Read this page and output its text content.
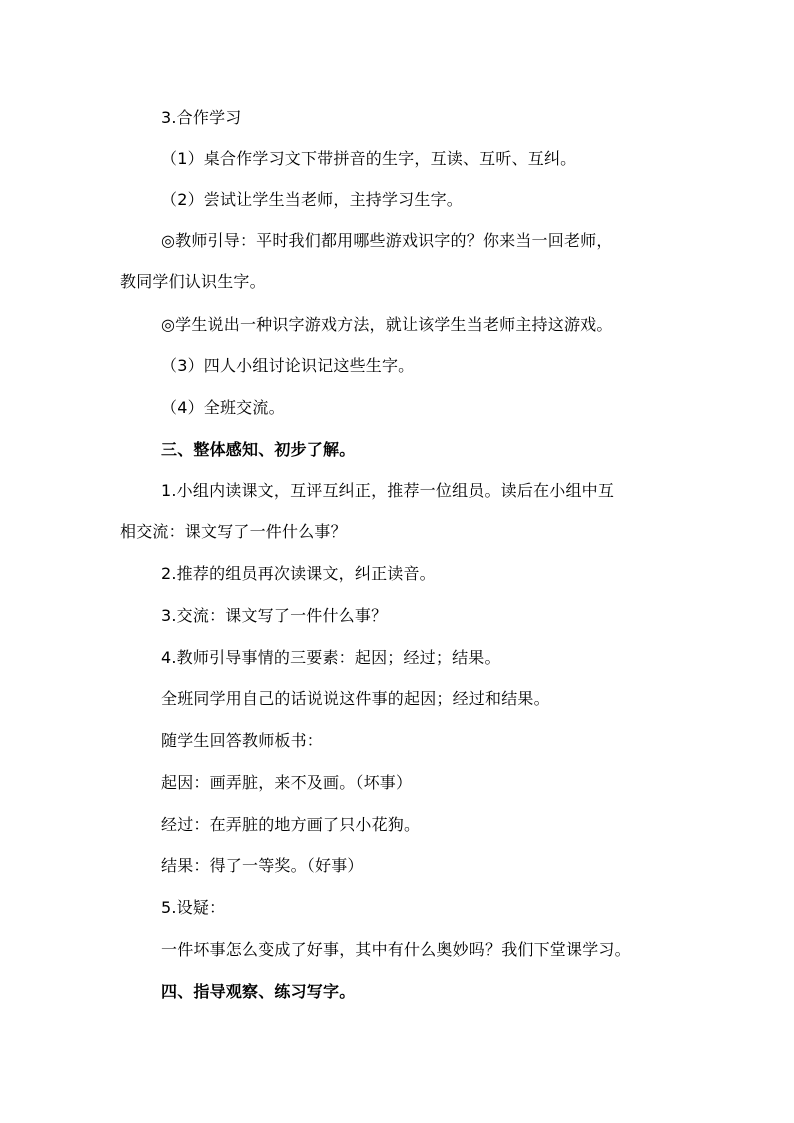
3.合作学习
（1）桌合作学习文下带拼音的生字，互读、互听、互纠。
（2）尝试让学生当老师，主持学习生字。
◎教师引导：平时我们都用哪些游戏识字的？你来当一回老师，
教同学们认识生字。
◎学生说出一种识字游戏方法，就让该学生当老师主持这游戏。
（3）四人小组讨论识记这些生字。
（4）全班交流。
三、整体感知、初步了解。
1.小组内读课文，互评互纠正，推荐一位组员。读后在小组中互
相交流：课文写了一件什么事？
2.推荐的组员再次读课文，纠正读音。
3.交流：课文写了一件什么事？
4.教师引导事情的三要素：起因；经过；结果。
全班同学用自己的话说说这件事的起因；经过和结果。
随学生回答教师板书：
起因：画弄脏，来不及画。（坏事）
经过：在弄脏的地方画了只小花狗。
结果：得了一等奖。（好事）
5.设疑：
一件坏事怎么变成了好事，其中有什么奥妙吗？我们下堂课学习。
四、指导观察、练习写字。
